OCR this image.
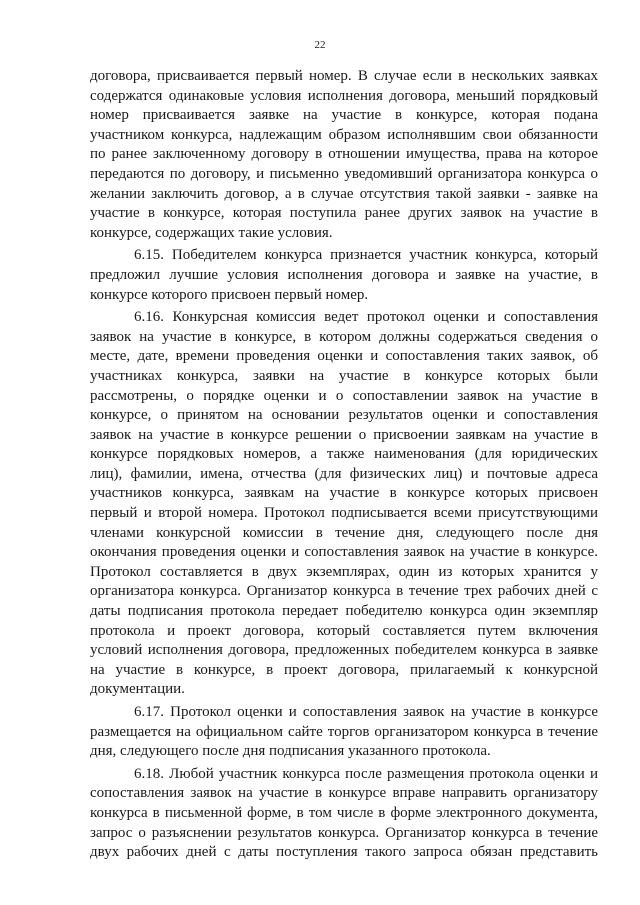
22
договора, присваивается первый номер. В случае если в нескольких заявках
содержатся одинаковые условия исполнения договора, меньший порядковый
номер присваивается заявке на участие в конкурсе, которая подана
участником конкурса, надлежащим образом исполнявшим свои обязанности
по ранее заключенному договору в отношении имущества, права на которое
передаются по договору, и письменно уведомивший организатора конкурса о
желании заключить договор, а в случае отсутствия такой заявки - заявке на
участие в конкурсе, которая поступила ранее других заявок на участие в
конкурсе, содержащих такие условия.
6.15. Победителем конкурса признается участник конкурса, который
предложил лучшие условия исполнения договора и заявке на участие, в
конкурсе которого присвоен первый номер.
6.16. Конкурсная комиссия ведет протокол оценки и сопоставления
заявок на участие в конкурсе, в котором должны содержаться сведения о
месте, дате, времени проведения оценки и сопоставления таких заявок, об
участниках конкурса, заявки на участие в конкурсе которых были
рассмотрены, о порядке оценки и о сопоставлении заявок на участие в
конкурсе, о принятом на основании результатов оценки и сопоставления
заявок на участие в конкурсе решении о присвоении заявкам на участие в
конкурсе порядковых номеров, а также наименования (для юридических
лиц), фамилии, имена, отчества (для физических лиц) и почтовые адреса
участников конкурса, заявкам на участие в конкурсе которых присвоен
первый и второй номера. Протокол подписывается всеми присутствующими
членами конкурсной комиссии в течение дня, следующего после дня
окончания проведения оценки и сопоставления заявок на участие в конкурсе.
Протокол составляется в двух экземплярах, один из которых хранится у
организатора конкурса. Организатор конкурса в течение трех рабочих дней с
даты подписания протокола передает победителю конкурса один экземпляр
протокола и проект договора, который составляется путем включения
условий исполнения договора, предложенных победителем конкурса в заявке
на участие в конкурсе, в проект договора, прилагаемый к конкурсной
документации.
6.17. Протокол оценки и сопоставления заявок на участие в конкурсе
размещается на официальном сайте торгов организатором конкурса в течение
дня, следующего после дня подписания указанного протокола.
6.18. Любой участник конкурса после размещения протокола оценки и
сопоставления заявок на участие в конкурсе вправе направить организатору
конкурса в письменной форме, в том числе в форме электронного документа,
запрос о разъяснении результатов конкурса. Организатор конкурса в течение
двух рабочих дней с даты поступления такого запроса обязан представить
